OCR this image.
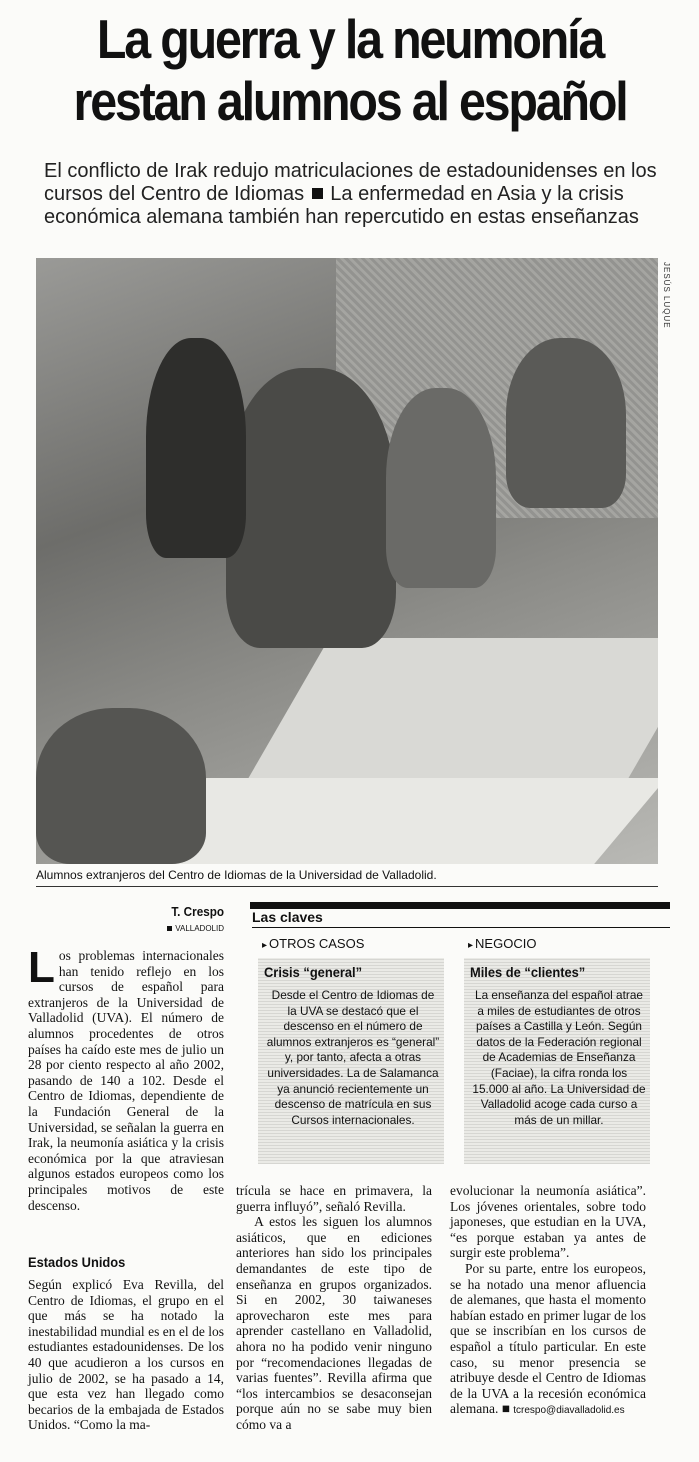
La guerra y la neumonía
restan alumnos al español

El conflicto de Irak redujo matriculaciones de estadounidenses en los cursos del Centro de Idiomas La enfermedad en Asia y la crisis económica alemana también han repercutido en estas enseñanzas

JESÚS LUQUE
Alumnos extranjeros del Centro de Idiomas de la Universidad de Valladolid.
T. Crespo
VALLADOLID
Los problemas internacionales han tenido reflejo en los cursos de español para extranjeros de la Universidad de Valladolid (UVA). El número de alumnos procedentes de otros países ha caído este mes de julio un 28 por ciento respecto al año 2002, pasando de 140 a 102. Desde el Centro de Idiomas, dependiente de la Fundación General de la Universidad, se señalan la guerra en Irak, la neumonía asiática y la crisis económica por la que atraviesan algunos estados europeos como los principales motivos de este descenso.
Estados Unidos
Según explicó Eva Revilla, del Centro de Idiomas, el grupo en el que más se ha notado la inestabilidad mundial es en el de los estudiantes estadounidenses. De los 40 que acudieron a los cursos en julio de 2002, se ha pasado a 14, que esta vez han llegado como becarios de la embajada de Estados Unidos. “Como la ma-
Las claves
▸ OTROS CASOS
Crisis “general”
Desde el Centro de Idiomas de la UVA se destacó que el descenso en el número de alumnos extranjeros es “general” y, por tanto, afecta a otras universidades. La de Salamanca ya anunció recientemente un descenso de matrícula en sus Cursos internacionales.
▸ NEGOCIO
Miles de “clientes”
La enseñanza del español atrae a miles de estudiantes de otros países a Castilla y León. Según datos de la Federación regional de Academias de Enseñanza (Faciae), la cifra ronda los 15.000 al año. La Universidad de Valladolid acoge cada curso a más de un millar.
trícula se hace en primavera, la guerra influyó”, señaló Revilla.
A estos les siguen los alumnos asiáticos, que en ediciones anteriores han sido los principales demandantes de este tipo de enseñanza en grupos organizados. Si en 2002, 30 taiwaneses aprovecharon este mes para aprender castellano en Valladolid, ahora no ha podido venir ninguno por “recomendaciones llegadas de varias fuentes”. Revilla afirma que “los intercambios se desaconsejan porque aún no se sabe muy bien cómo va a
evolucionar la neumonía asiática”. Los jóvenes orientales, sobre todo japoneses, que estudian en la UVA, “es porque estaban ya antes de surgir este problema”.
Por su parte, entre los europeos, se ha notado una menor afluencia de alemanes, que hasta el momento habían estado en primer lugar de los que se inscribían en los cursos de español a título particular. En este caso, su menor presencia se atribuye desde el Centro de Idiomas de la UVA a la recesión económica alemana. ■ tcrespo@diavalladolid.es
